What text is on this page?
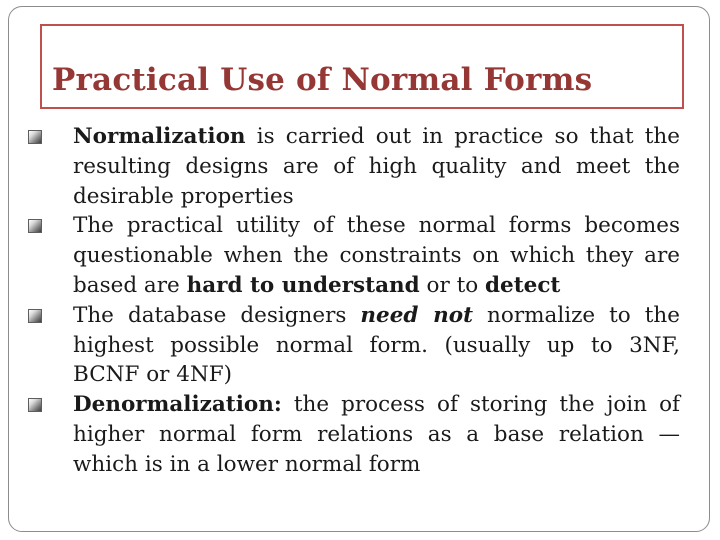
Practical Use of Normal Forms
Normalization is carried out in practice so that the resulting designs are of high quality and meet the desirable properties
The practical utility of these normal forms becomes questionable when the constraints on which they are based are hard to understand or to detect
The database designers need not normalize to the highest possible normal form. (usually up to 3NF, BCNF or 4NF)
Denormalization: the process of storing the join of higher normal form relations as a base relation —which is in a lower normal form
